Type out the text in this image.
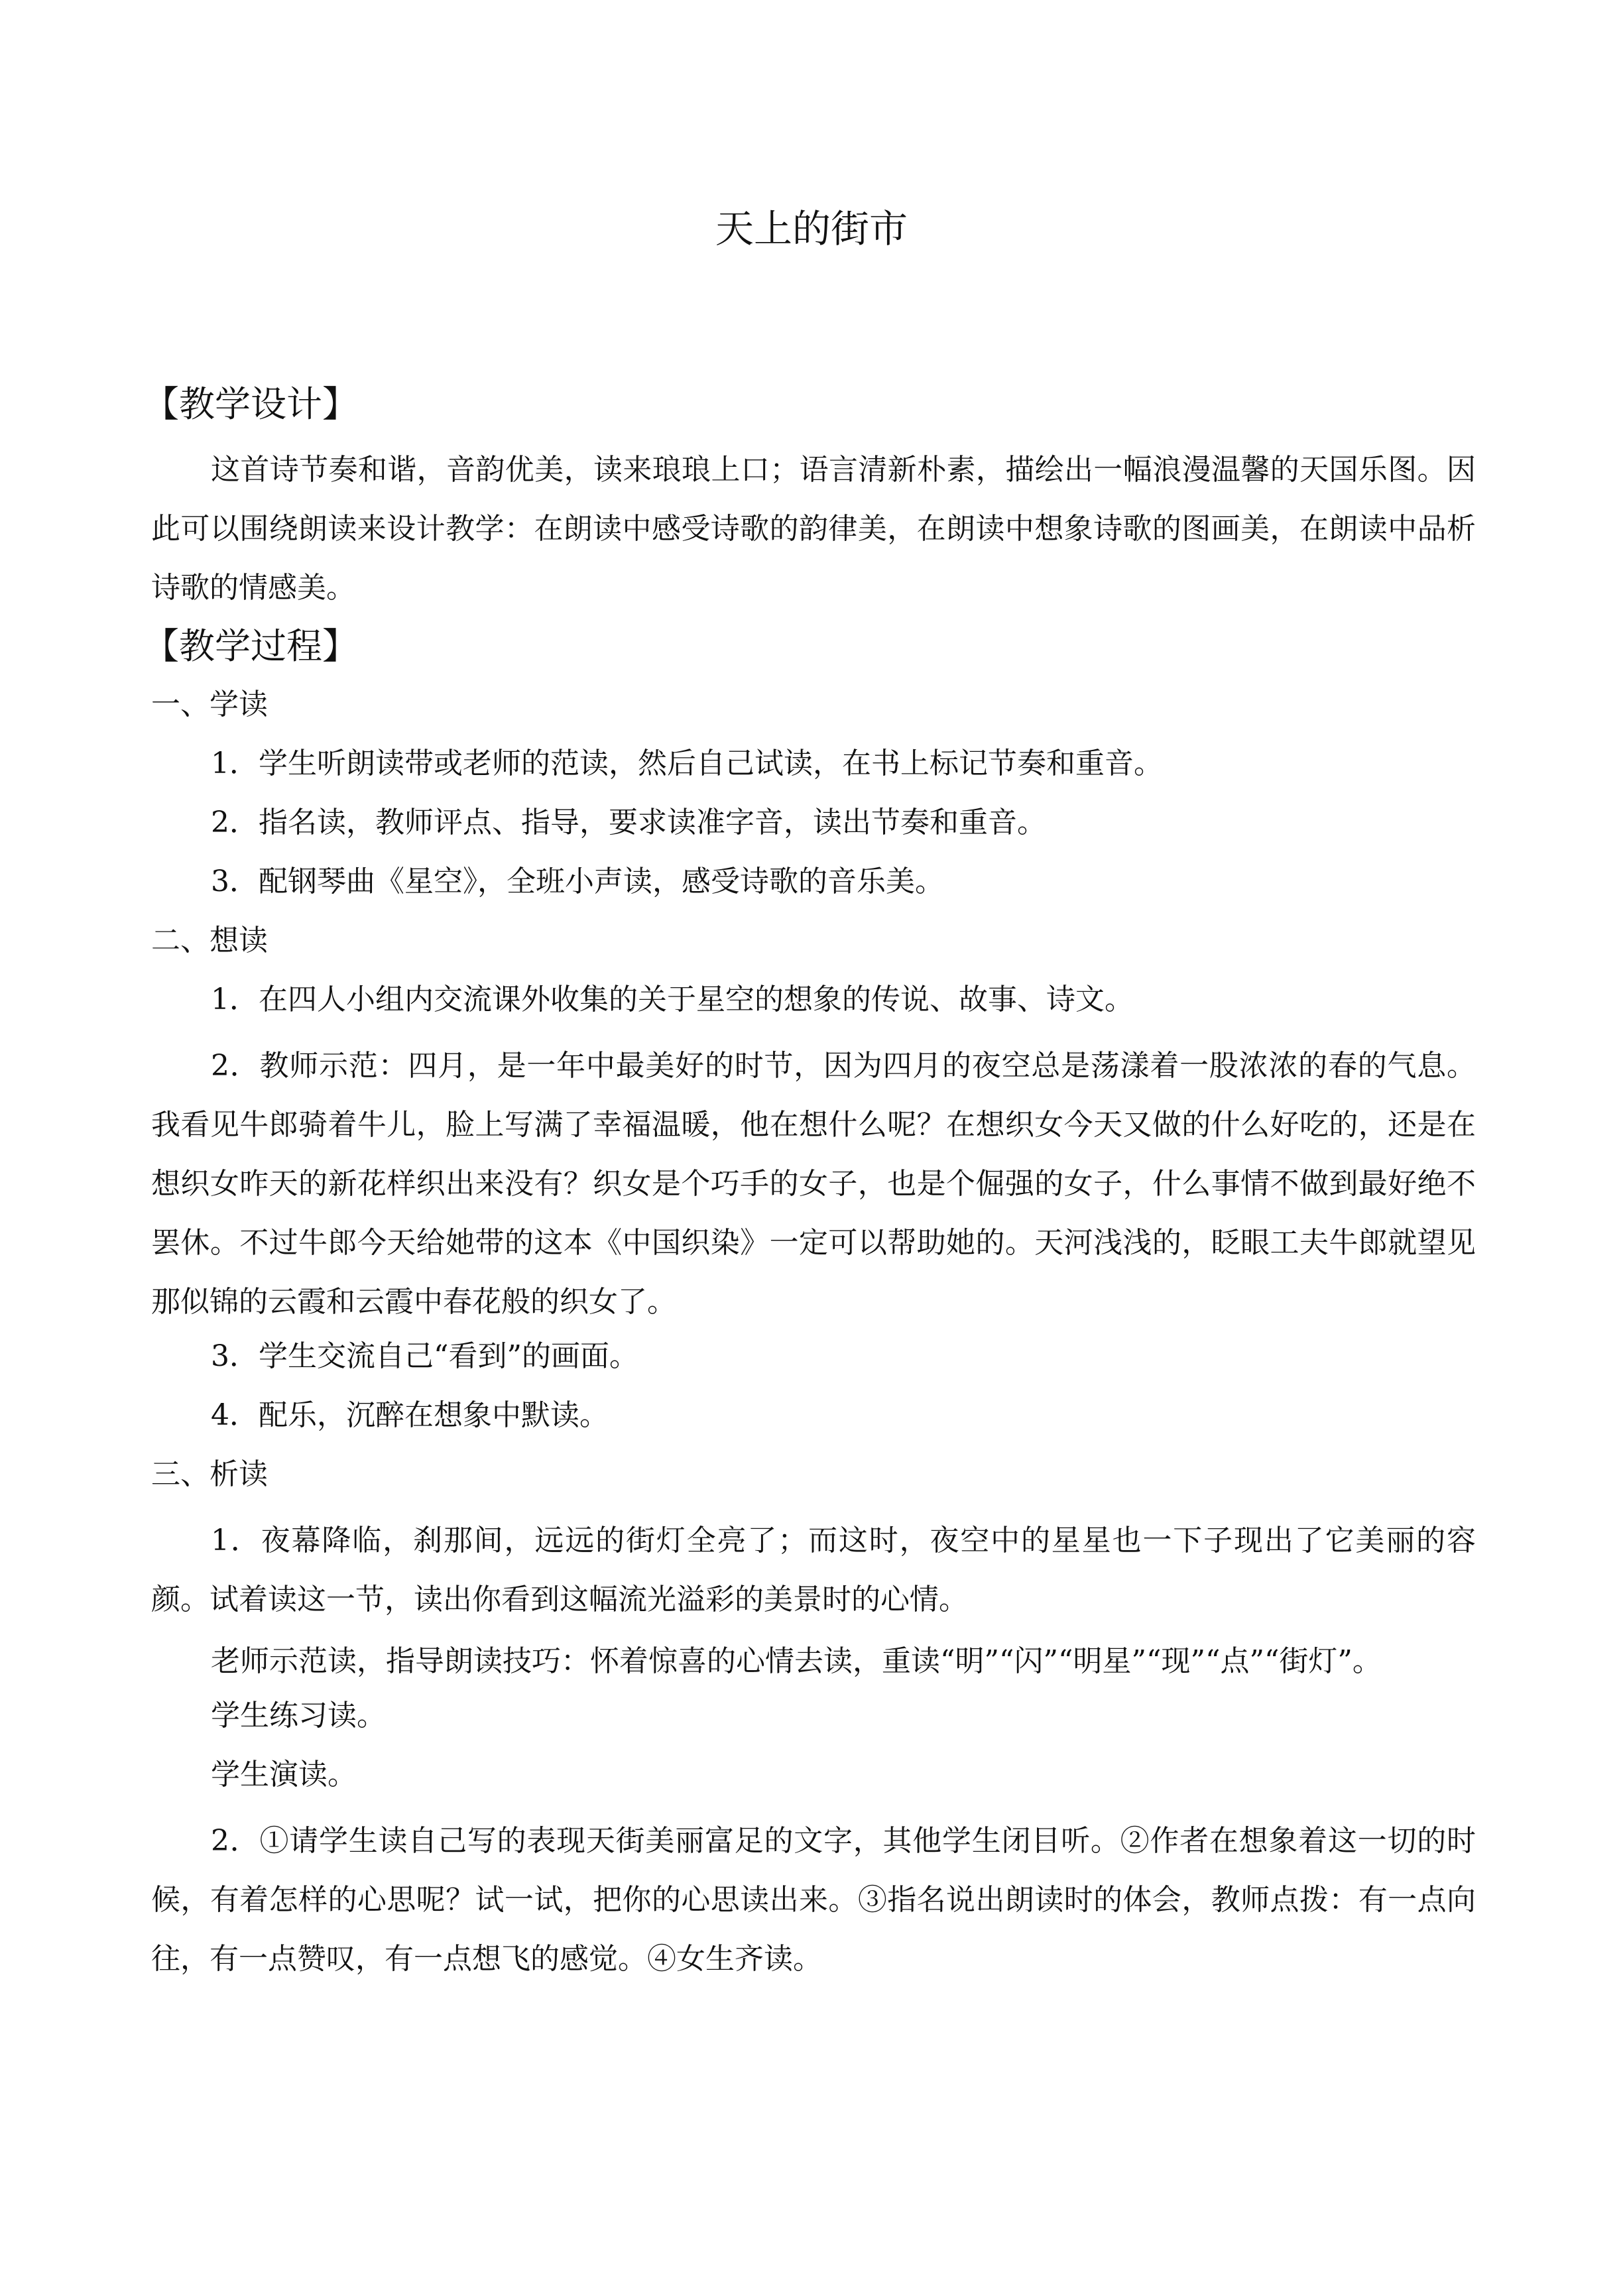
天上的街市
【教学设计】
这首诗节奏和谐，音韵优美，读来琅琅上口；语言清新朴素，描绘出一幅浪漫温馨的天国乐图。因此可以围绕朗读来设计教学：在朗读中感受诗歌的韵律美，在朗读中想象诗歌的图画美，在朗读中品析诗歌的情感美。
【教学过程】
一、学读
1．学生听朗读带或老师的范读，然后自己试读，在书上标记节奏和重音。
2．指名读，教师评点、指导，要求读准字音，读出节奏和重音。
3．配钢琴曲《星空》，全班小声读，感受诗歌的音乐美。
二、想读
1．在四人小组内交流课外收集的关于星空的想象的传说、故事、诗文。
2．教师示范：四月，是一年中最美好的时节，因为四月的夜空总是荡漾着一股浓浓的春的气息。我看见牛郎骑着牛儿，脸上写满了幸福温暖，他在想什么呢？在想织女今天又做的什么好吃的，还是在想织女昨天的新花样织出来没有？织女是个巧手的女子，也是个倔强的女子，什么事情不做到最好绝不罢休。不过牛郎今天给她带的这本《中国织染》一定可以帮助她的。天河浅浅的，眨眼工夫牛郎就望见那似锦的云霞和云霞中春花般的织女了。
3．学生交流自己“看到”的画面。
4．配乐，沉醉在想象中默读。
三、析读
1．夜幕降临，刹那间，远远的街灯全亮了；而这时，夜空中的星星也一下子现出了它美丽的容颜。试着读这一节，读出你看到这幅流光溢彩的美景时的心情。
老师示范读，指导朗读技巧：怀着惊喜的心情去读，重读“明”“闪”“明星”“现”“点”“街灯”。
学生练习读。
学生演读。
2．①请学生读自己写的表现天街美丽富足的文字，其他学生闭目听。②作者在想象着这一切的时候，有着怎样的心思呢？试一试，把你的心思读出来。③指名说出朗读时的体会，教师点拨：有一点向往，有一点赞叹，有一点想飞的感觉。④女生齐读。
